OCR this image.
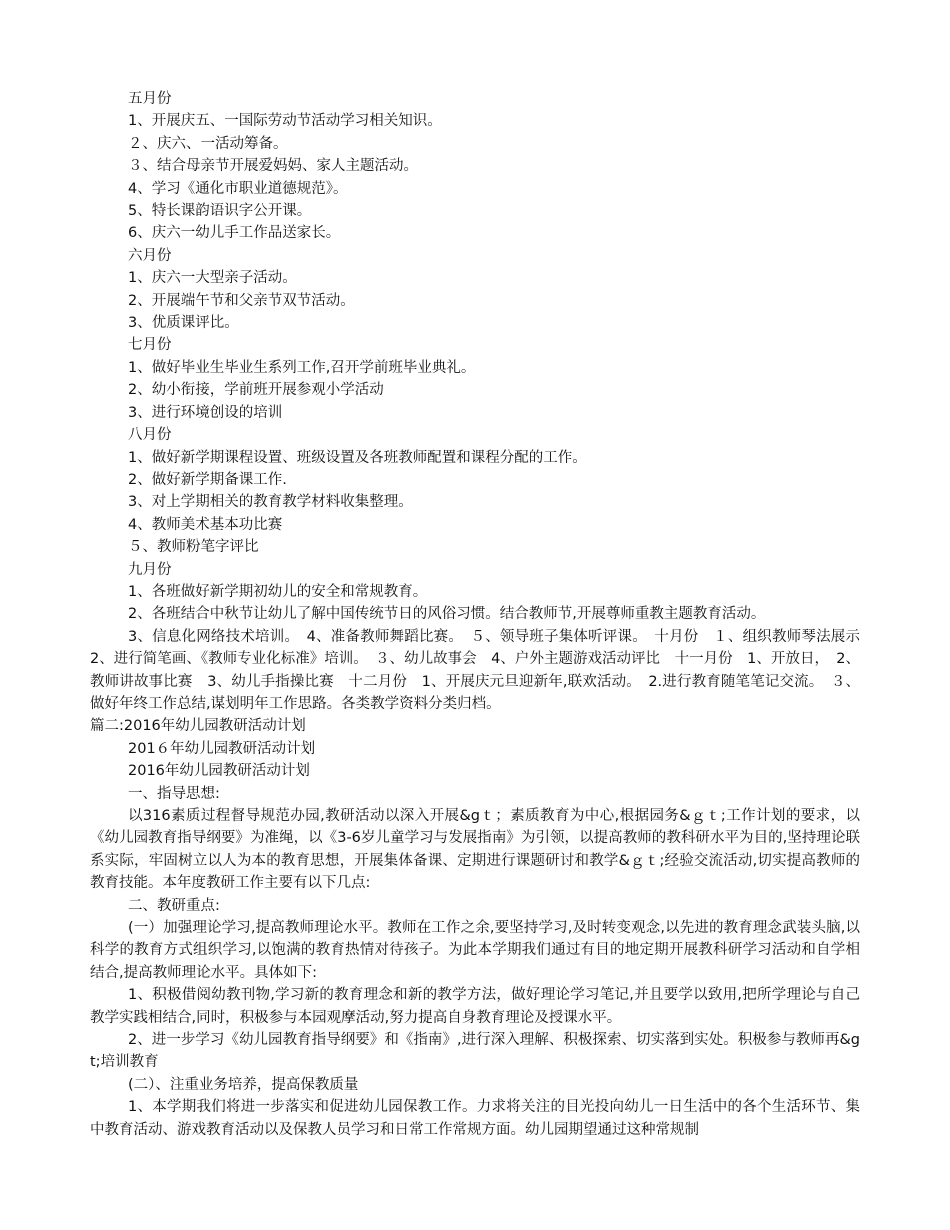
五月份
1、开展庆五、一国际劳动节活动学习相关知识。
２、庆六、一活动筹备。
３、结合母亲节开展爱妈妈、家人主题活动。
4、学习《通化市职业道德规范》。
5、特长课韵语识字公开课。
6、庆六一幼儿手工作品送家长。
六月份
1、庆六一大型亲子活动。
2、开展端午节和父亲节双节活动。
3、优质课评比。
七月份
1、做好毕业生毕业生系列工作,召开学前班毕业典礼。
2、幼小衔接，学前班开展参观小学活动
3、进行环境创设的培训
八月份
1、做好新学期课程设置、班级设置及各班教师配置和课程分配的工作。
2、做好新学期备课工作.
3、对上学期相关的教育教学材料收集整理。
4、教师美术基本功比赛
５、教师粉笔字评比
九月份
1、各班做好新学期初幼儿的安全和常规教育。
2、各班结合中秋节让幼儿了解中国传统节日的风俗习惯。结合教师节,开展尊师重教主题教育活动。
3、信息化网络技术培训。　4、准备教师舞蹈比赛。　５、领导班子集体听评课。　十月份　１、组织教师琴法展示　2、进行简笔画、《教师专业化标准》培训。　３、幼儿故事会　4、户外主题游戏活动评比　十一月份　1、开放日，　2、教师讲故事比赛　3、幼儿手指操比赛　十二月份　1、开展庆元旦迎新年,联欢活动。　2.进行教育随笔笔记交流。　３、做好年终工作总结,谋划明年工作思路。各类教学资料分类归档。
篇二:2016年幼儿园教研活动计划
201６年幼儿园教研活动计划
2016年幼儿园教研活动计划
一、指导思想:
以316素质过程督导规范办园,教研活动以深入开展&gｔ；素质教育为中心,根据园务&ｇｔ;工作计划的要求，以《幼儿园教育指导纲要》为准绳，以《3-6岁儿童学习与发展指南》为引领，以提高教师的教科研水平为目的,坚持理论联系实际，牢固树立以人为本的教育思想，开展集体备课、定期进行课题研讨和教学&ｇｔ;经验交流活动,切实提高教师的教育技能。本年度教研工作主要有以下几点:
二、教研重点:
(一）加强理论学习,提高教师理论水平。教师在工作之余,要坚持学习,及时转变观念,以先进的教育理念武装头脑,以科学的教育方式组织学习,以饱满的教育热情对待孩子。为此本学期我们通过有目的地定期开展教科研学习活动和自学相结合,提高教师理论水平。具体如下:
1、积极借阅幼教刊物,学习新的教育理念和新的教学方法，做好理论学习笔记,并且要学以致用,把所学理论与自己教学实践相结合,同时，积极参与本园观摩活动,努力提高自身教育理论及授课水平。
2、进一步学习《幼儿园教育指导纲要》和《指南》,进行深入理解、积极探索、切实落到实处。积极参与教师再&gt;培训教育
(二）、注重业务培养，提高保教质量
1、本学期我们将进一步落实和促进幼儿园保教工作。力求将关注的目光投向幼儿一日生活中的各个生活环节、集中教育活动、游戏教育活动以及保教人员学习和日常工作常规方面。幼儿园期望通过这种常规制
